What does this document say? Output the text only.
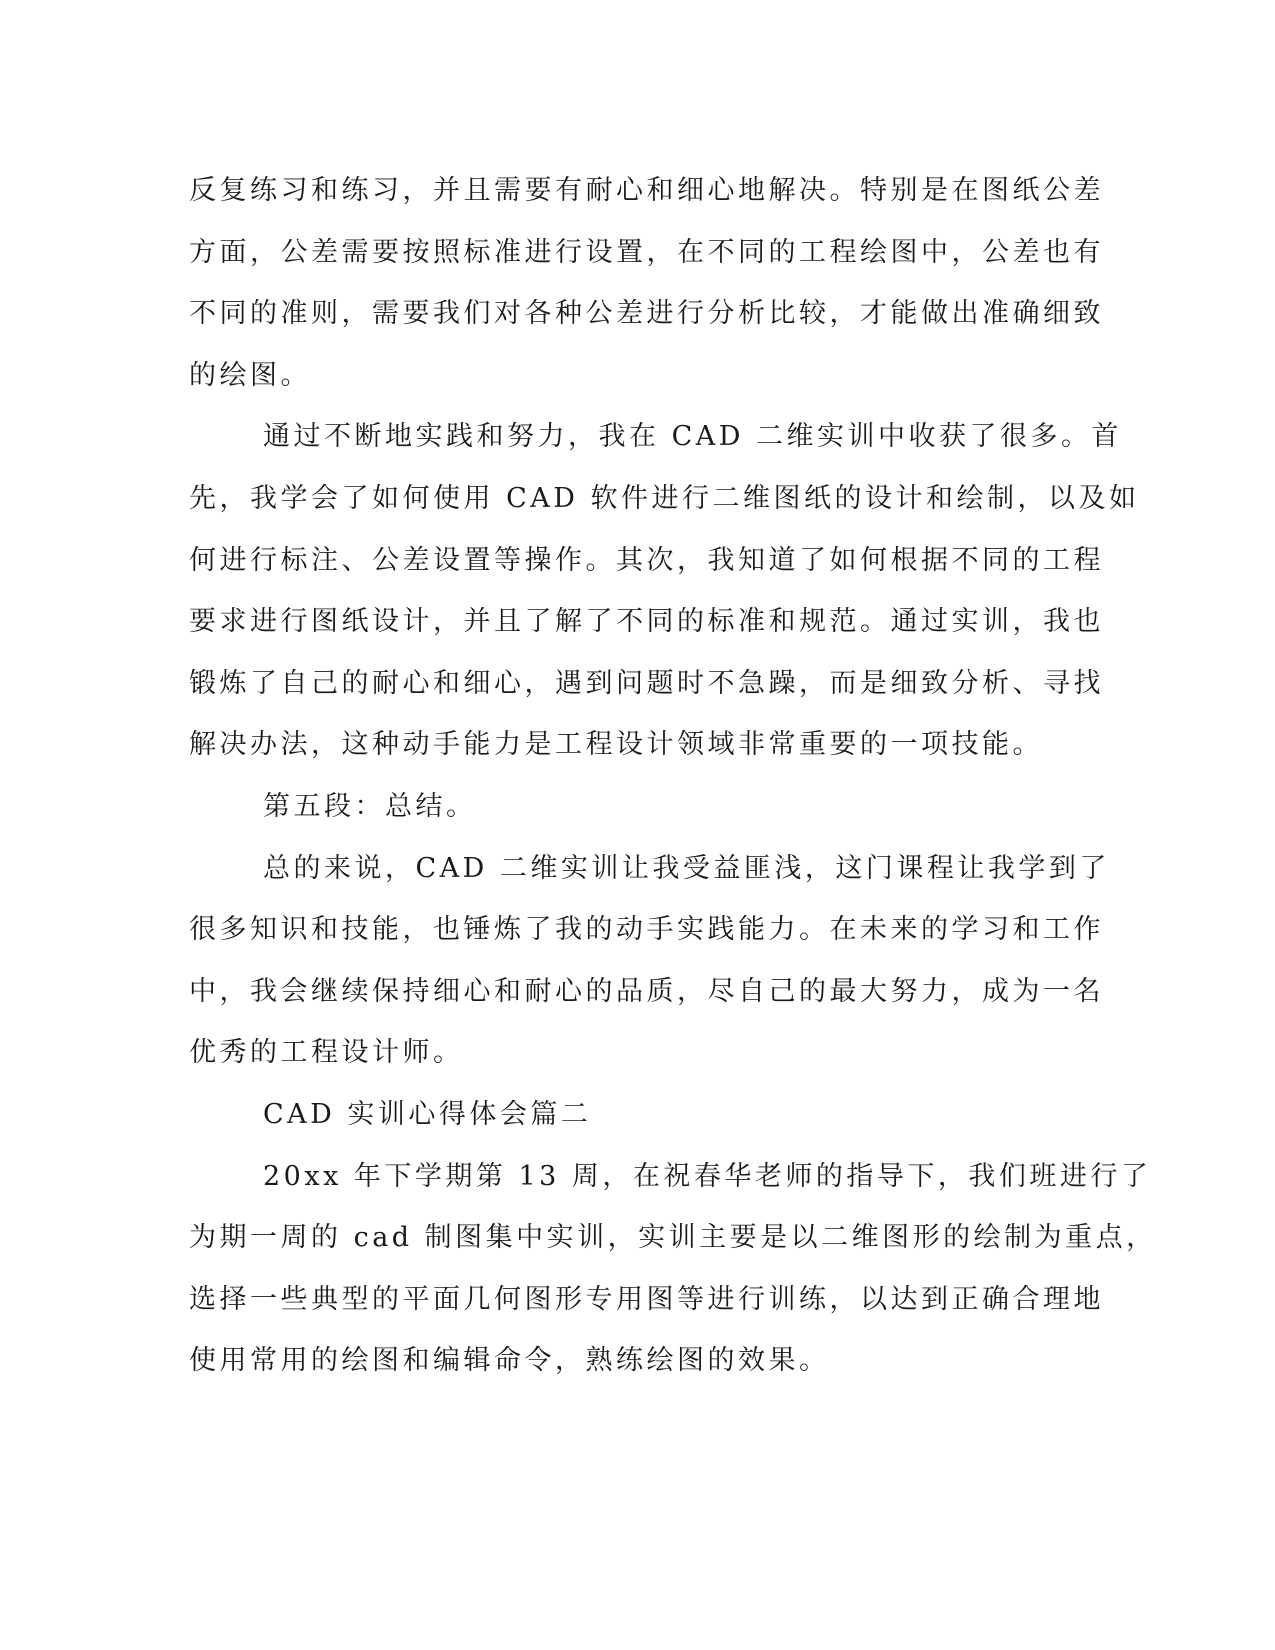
反复练习和练习，并且需要有耐心和细心地解决。特别是在图纸公差
方面，公差需要按照标准进行设置，在不同的工程绘图中，公差也有
不同的准则，需要我们对各种公差进行分析比较，才能做出准确细致
的绘图。
通过不断地实践和努力，我在 CAD 二维实训中收获了很多。首
先，我学会了如何使用 CAD 软件进行二维图纸的设计和绘制，以及如
何进行标注、公差设置等操作。其次，我知道了如何根据不同的工程
要求进行图纸设计，并且了解了不同的标准和规范。通过实训，我也
锻炼了自己的耐心和细心，遇到问题时不急躁，而是细致分析、寻找
解决办法，这种动手能力是工程设计领域非常重要的一项技能。
第五段：总结。
总的来说，CAD 二维实训让我受益匪浅，这门课程让我学到了
很多知识和技能，也锤炼了我的动手实践能力。在未来的学习和工作
中，我会继续保持细心和耐心的品质，尽自己的最大努力，成为一名
优秀的工程设计师。
CAD 实训心得体会篇二
20xx 年下学期第 13 周，在祝春华老师的指导下，我们班进行了
为期一周的 cad 制图集中实训，实训主要是以二维图形的绘制为重点，
选择一些典型的平面几何图形专用图等进行训练，以达到正确合理地
使用常用的绘图和编辑命令，熟练绘图的效果。
